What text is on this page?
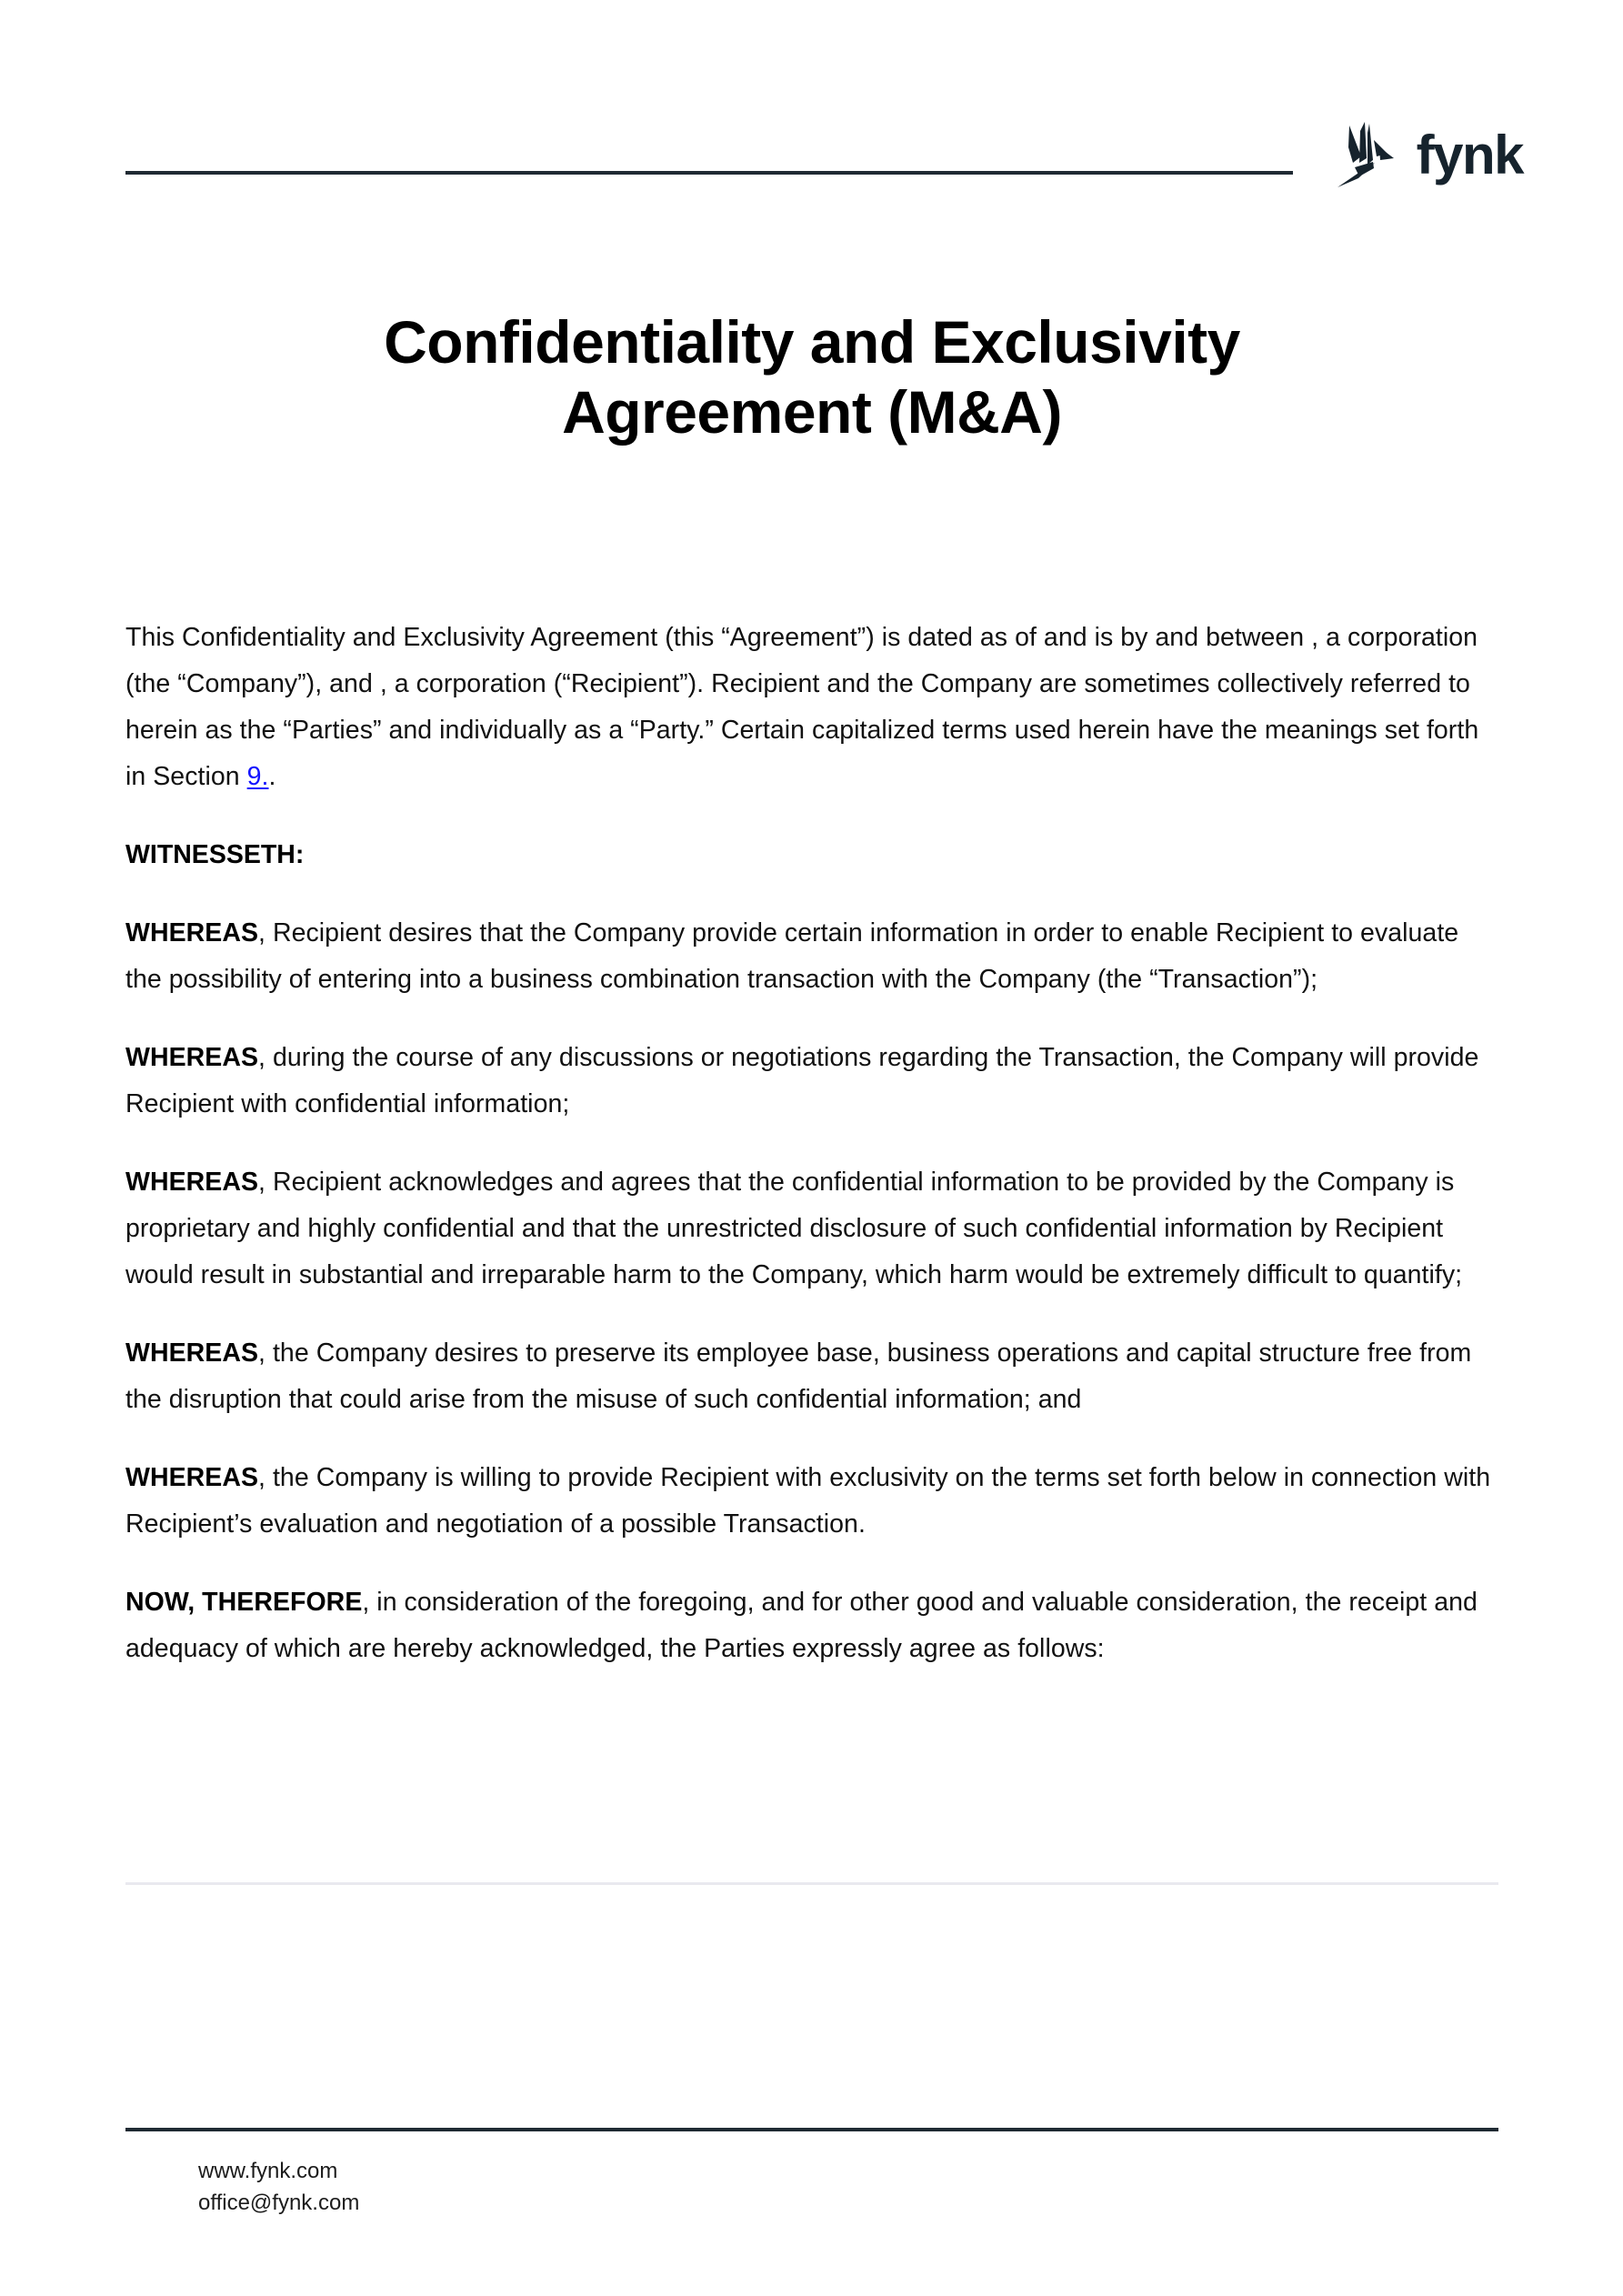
fynk
Confidentiality and Exclusivity
Agreement (M&A)

This Confidentiality and Exclusivity Agreement (this “Agreement”) is dated as of and is by and between , a corporation (the “Company”), and , a corporation (“Recipient”). Recipient and the Company are sometimes collectively referred to herein as the “Parties” and individually as a “Party.” Certain capitalized terms used herein have the meanings set forth in Section 9..

WITNESSETH:

WHEREAS, Recipient desires that the Company provide certain information in order to enable Recipient to evaluate the possibility of entering into a business combination transaction with the Company (the “Transaction”);

WHEREAS, during the course of any discussions or negotiations regarding the Transaction, the Company will provide Recipient with confidential information;

WHEREAS, Recipient acknowledges and agrees that the confidential information to be provided by the Company is proprietary and highly confidential and that the unrestricted disclosure of such confidential information by Recipient would result in substantial and irreparable harm to the Company, which harm would be extremely difficult to quantify;

WHEREAS, the Company desires to preserve its employee base, business operations and capital structure free from the disruption that could arise from the misuse of such confidential information; and

WHEREAS, the Company is willing to provide Recipient with exclusivity on the terms set forth below in connection with Recipient’s evaluation and negotiation of a possible Transaction.

NOW, THEREFORE, in consideration of the foregoing, and for other good and valuable consideration, the receipt and adequacy of which are hereby acknowledged, the Parties expressly agree as follows:

www.fynk.com
office@fynk.com
